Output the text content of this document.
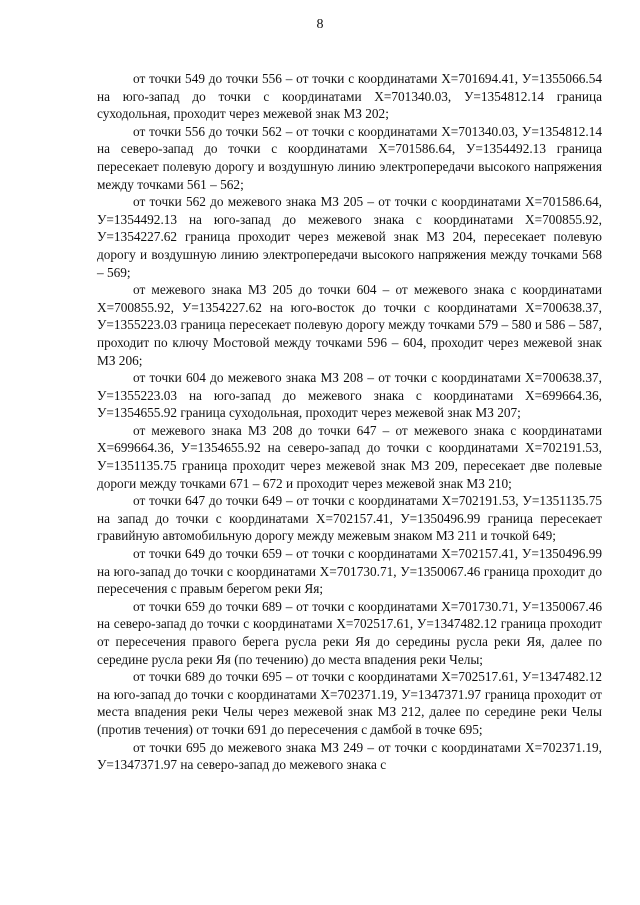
8

от точки 549 до точки 556 – от точки с координатами Х=701694.41, У=1355066.54 на юго-запад до точки с координатами Х=701340.03, У=1354812.14 граница суходольная, проходит через межевой знак МЗ 202;

от точки 556 до точки 562 – от точки с координатами Х=701340.03, У=1354812.14 на северо-запад до точки с координатами Х=701586.64, У=1354492.13 граница пересекает полевую дорогу и воздушную линию электропередачи высокого напряжения между точками 561 – 562;

от точки 562 до межевого знака МЗ 205 – от точки с координатами Х=701586.64, У=1354492.13 на юго-запад до межевого знака с координатами Х=700855.92, У=1354227.62 граница проходит через межевой знак МЗ 204, пересекает полевую дорогу и воздушную линию электропередачи высокого напряжения между точками 568 – 569;

от межевого знака МЗ 205 до точки 604 – от межевого знака с координатами Х=700855.92, У=1354227.62 на юго-восток до точки с координатами Х=700638.37, У=1355223.03 граница пересекает полевую дорогу между точками 579 – 580 и 586 – 587, проходит по ключу Мостовой между точками 596 – 604, проходит через межевой знак МЗ 206;

от точки 604 до межевого знака МЗ 208 – от точки с координатами Х=700638.37, У=1355223.03 на юго-запад до межевого знака с координатами Х=699664.36, У=1354655.92 граница суходольная, проходит через межевой знак МЗ 207;

от межевого знака МЗ 208 до точки 647 – от межевого знака с координатами Х=699664.36, У=1354655.92 на северо-запад до точки с координатами Х=702191.53, У=1351135.75 граница проходит через межевой знак МЗ 209, пересекает две полевые дороги между точками 671 – 672 и проходит через межевой знак МЗ 210;

от точки 647 до точки 649 – от точки с координатами Х=702191.53, У=1351135.75 на запад до точки с координатами Х=702157.41, У=1350496.99 граница пересекает гравийную автомобильную дорогу между межевым знаком МЗ 211 и точкой 649;

от точки 649 до точки 659 – от точки с координатами Х=702157.41, У=1350496.99 на юго-запад до точки с координатами Х=701730.71, У=1350067.46 граница проходит до пересечения с правым берегом реки Яя;

от точки 659 до точки 689 – от точки с координатами Х=701730.71, У=1350067.46 на северо-запад до точки с координатами Х=702517.61, У=1347482.12 граница проходит от пересечения правого берега русла реки Яя до середины русла реки Яя, далее по середине русла реки Яя (по течению) до места впадения реки Челы;

от точки 689 до точки 695 – от точки с координатами Х=702517.61, У=1347482.12 на юго-запад до точки с координатами Х=702371.19, У=1347371.97 граница проходит от места впадения реки Челы через межевой знак МЗ 212, далее по середине реки Челы (против течения) от точки 691 до пересечения с дамбой в точке 695;

от точки 695 до межевого знака МЗ 249 – от точки с координатами Х=702371.19, У=1347371.97 на северо-запад до межевого знака с
